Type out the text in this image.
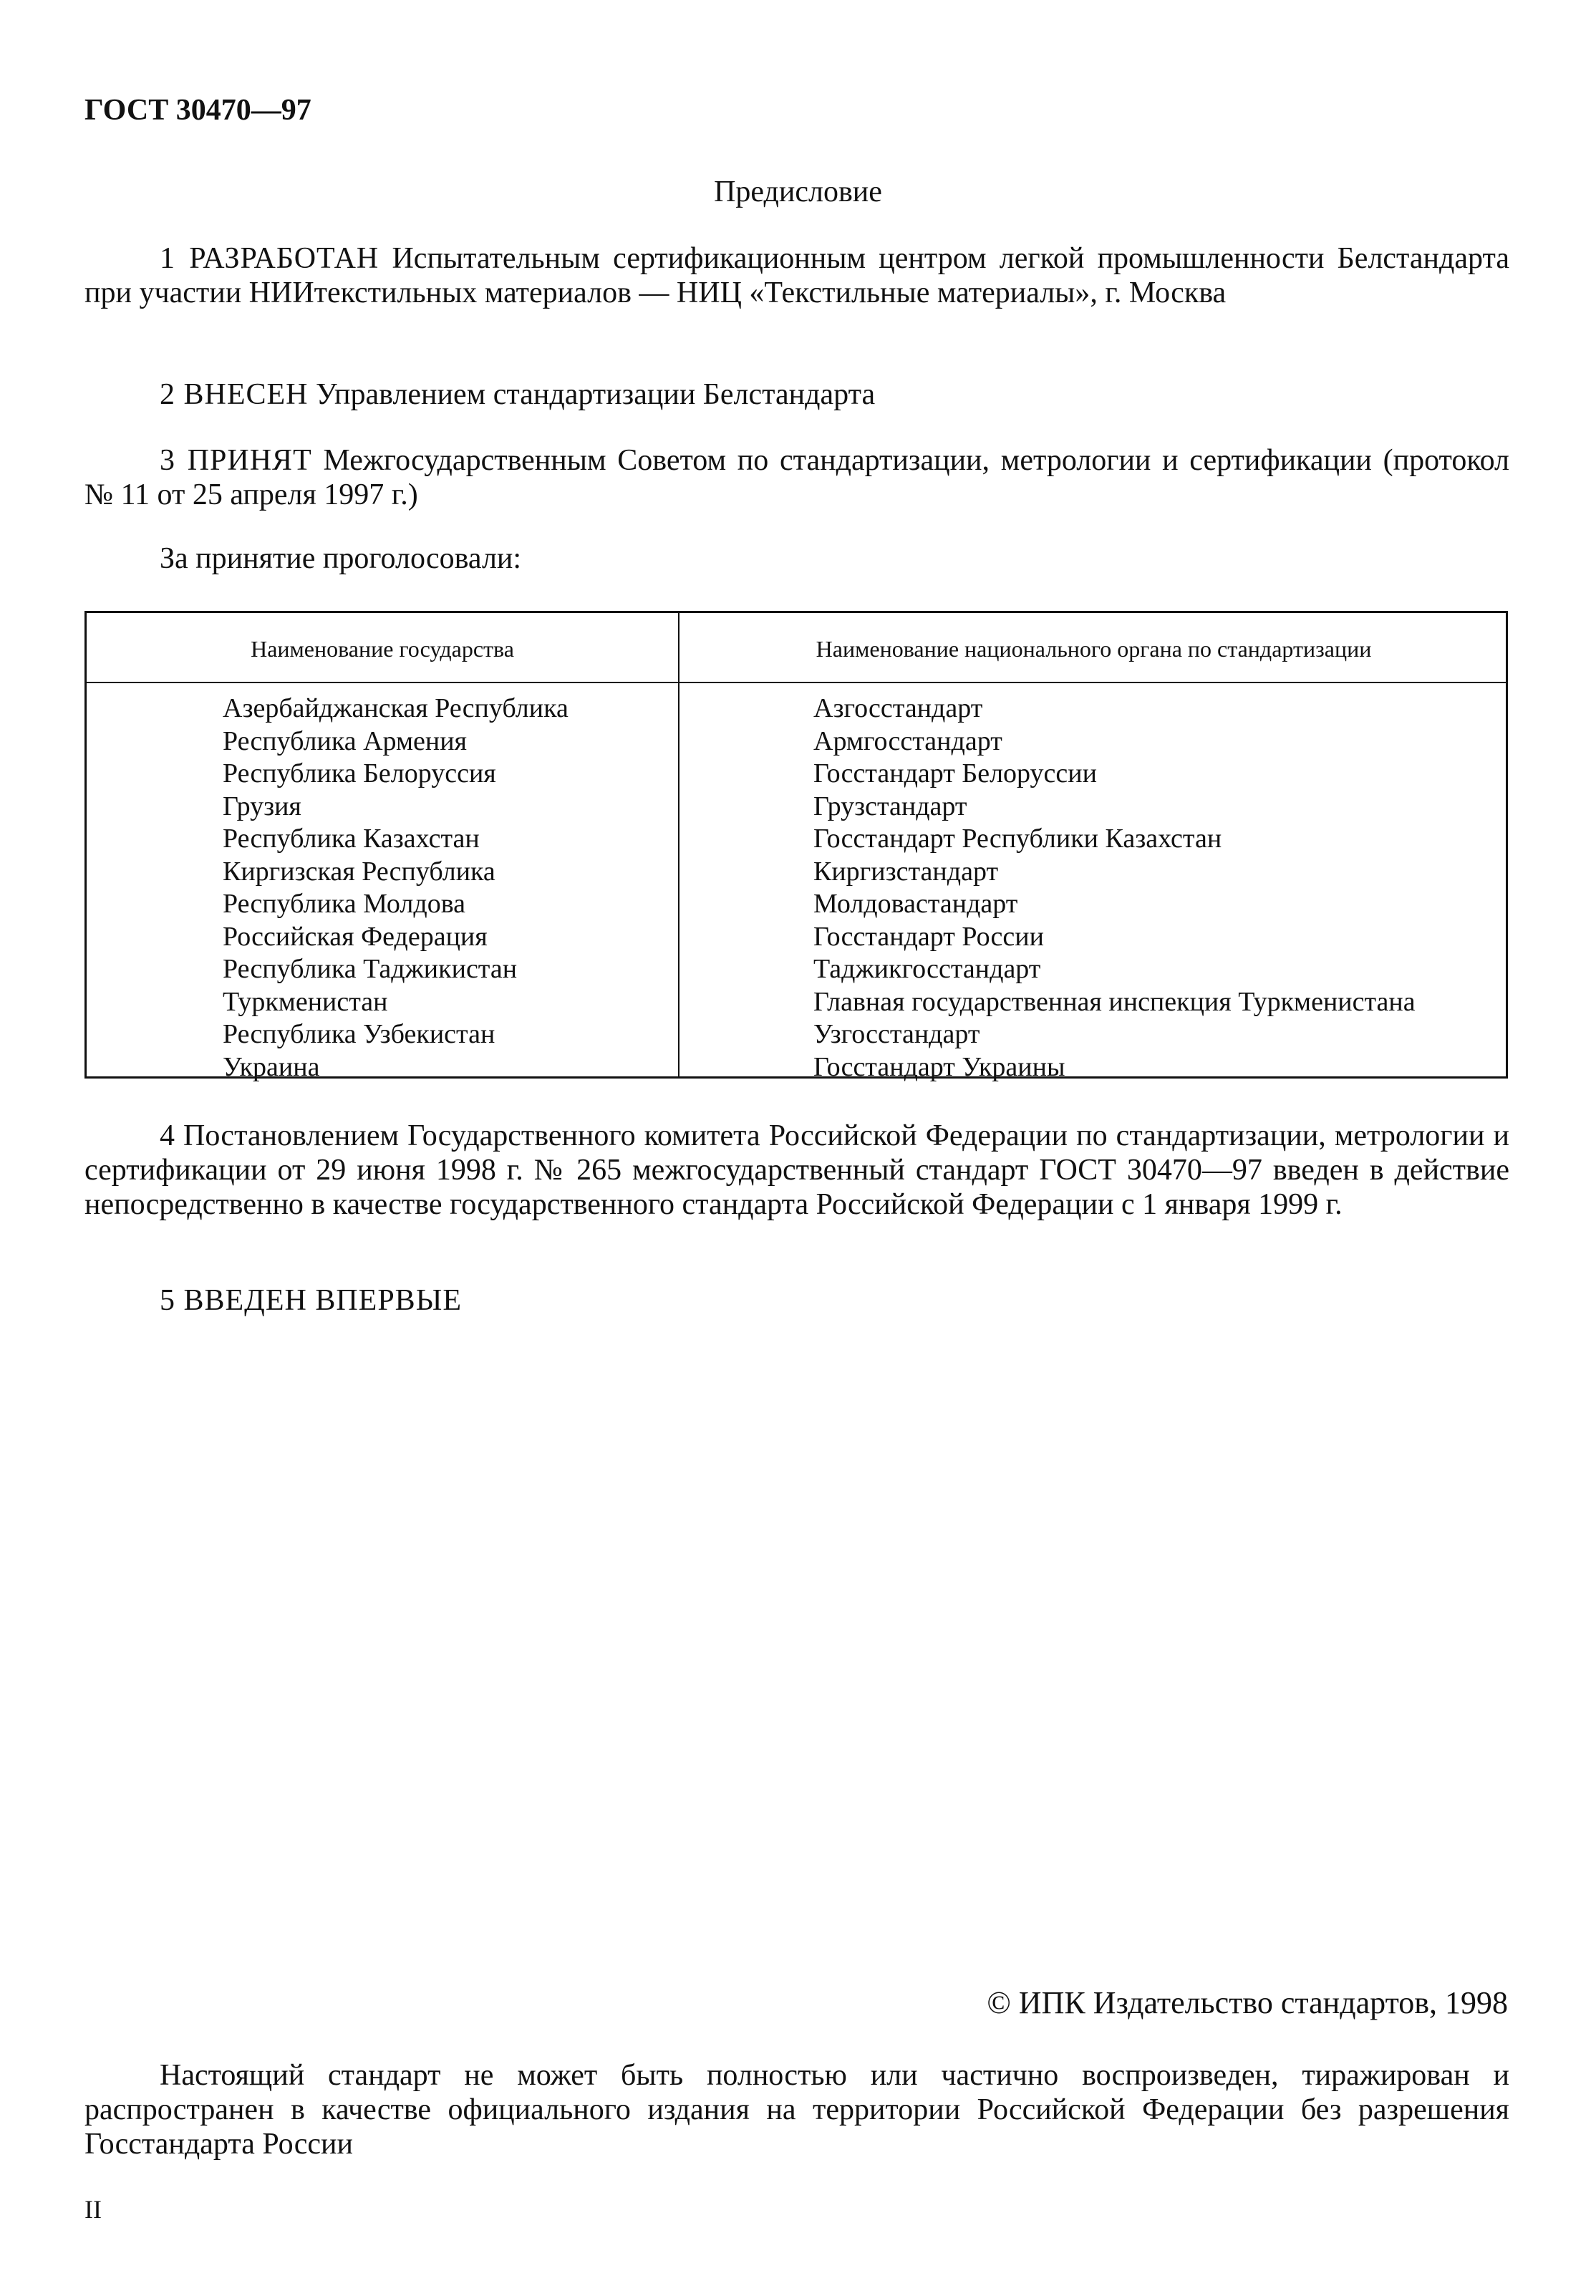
ГОСТ 30470—97
Предисловие
1 РАЗРАБОТАН Испытательным сертификационным центром легкой промышленности Белстандарта при участии НИИтекстильных материалов — НИЦ «Текстильные материалы», г. Москва
2 ВНЕСЕН Управлением стандартизации Белстандарта
3 ПРИНЯТ Межгосударственным Советом по стандартизации, метрологии и сертификации (протокол № 11 от 25 апреля 1997 г.)
За принятие проголосовали:
Наименование государства	Наименование национального органа по стандартизации
Азербайджанская Республика
Республика Армения
Республика Белоруссия
Грузия
Республика Казахстан
Киргизская Республика
Республика Молдова
Российская Федерация
Республика Таджикистан
Туркменистан
Республика Узбекистан
Украина
Азгосстандарт
Армгосстандарт
Госстандарт Белоруссии
Грузстандарт
Госстандарт Республики Казахстан
Киргизстандарт
Молдовастандарт
Госстандарт России
Таджикгосстандарт
Главная государственная инспекция Туркменистана
Узгосстандарт
Госстандарт Украины
4 Постановлением Государственного комитета Российской Федерации по стандартизации, метрологии и сертификации от 29 июня 1998 г. № 265 межгосударственный стандарт ГОСТ 30470—97 введен в действие непосредственно в качестве государственного стандарта Российской Федерации с 1 января 1999 г.
5 ВВЕДЕН ВПЕРВЫЕ
© ИПК Издательство стандартов, 1998
Настоящий стандарт не может быть полностью или частично воспроизведен, тиражирован и распространен в качестве официального издания на территории Российской Федерации без разрешения Госстандарта России
II
